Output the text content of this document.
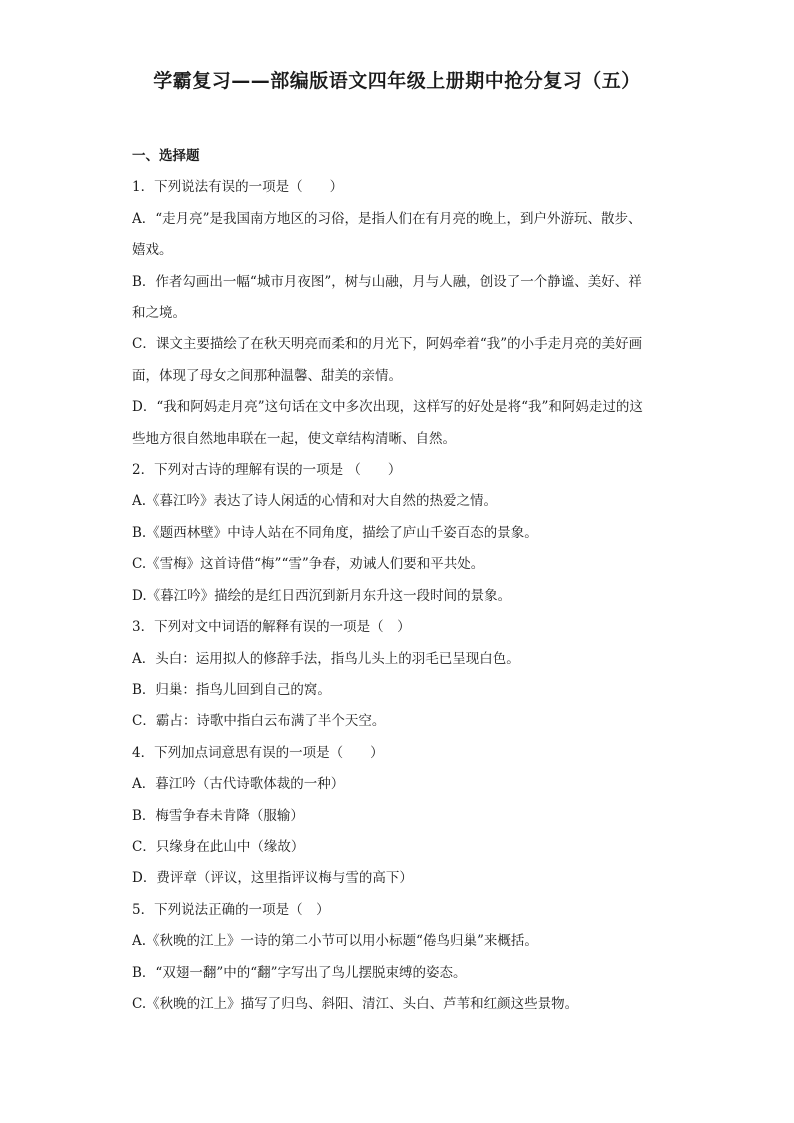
学霸复习——部编版语文四年级上册期中抢分复习（五）
一、选择题
1．下列说法有误的一项是（　　）
A．“走月亮”是我国南方地区的习俗，是指人们在有月亮的晚上，到户外游玩、散步、
嬉戏。
B．作者勾画出一幅“城市月夜图”，树与山融，月与人融，创设了一个静谧、美好、祥
和之境。
C．课文主要描绘了在秋天明亮而柔和的月光下，阿妈牵着“我”的小手走月亮的美好画
面，体现了母女之间那种温馨、甜美的亲情。
D．“我和阿妈走月亮”这句话在文中多次出现，这样写的好处是将“我”和阿妈走过的这
些地方很自然地串联在一起，使文章结构清晰、自然。
2．下列对古诗的理解有误的一项是 （　　）
A.《暮江吟》表达了诗人闲适的心情和对大自然的热爱之情。
B.《题西林壁》中诗人站在不同角度，描绘了庐山千姿百态的景象。
C.《雪梅》这首诗借“梅”“雪”争春，劝诫人们要和平共处。
D.《暮江吟》描绘的是红日西沉到新月东升这一段时间的景象。
3．下列对文中词语的解释有误的一项是（　）
A．头白：运用拟人的修辞手法，指鸟儿头上的羽毛已呈现白色。
B．归巢：指鸟儿回到自己的窝。
C．霸占：诗歌中指白云布满了半个天空。
4．下列加点词意思有误的一项是（　　）
A．暮江吟（古代诗歌体裁的一种）
B．梅雪争春未肯降（服输）
C．只缘身在此山中（缘故）
D．费评章（评议，这里指评议梅与雪的高下）
5．下列说法正确的一项是（　）
A.《秋晚的江上》一诗的第二小节可以用小标题“倦鸟归巢”来概括。
B．“双翅一翻”中的“翻”字写出了鸟儿摆脱束缚的姿态。
C.《秋晚的江上》描写了归鸟、斜阳、清江、头白、芦苇和红颜这些景物。
